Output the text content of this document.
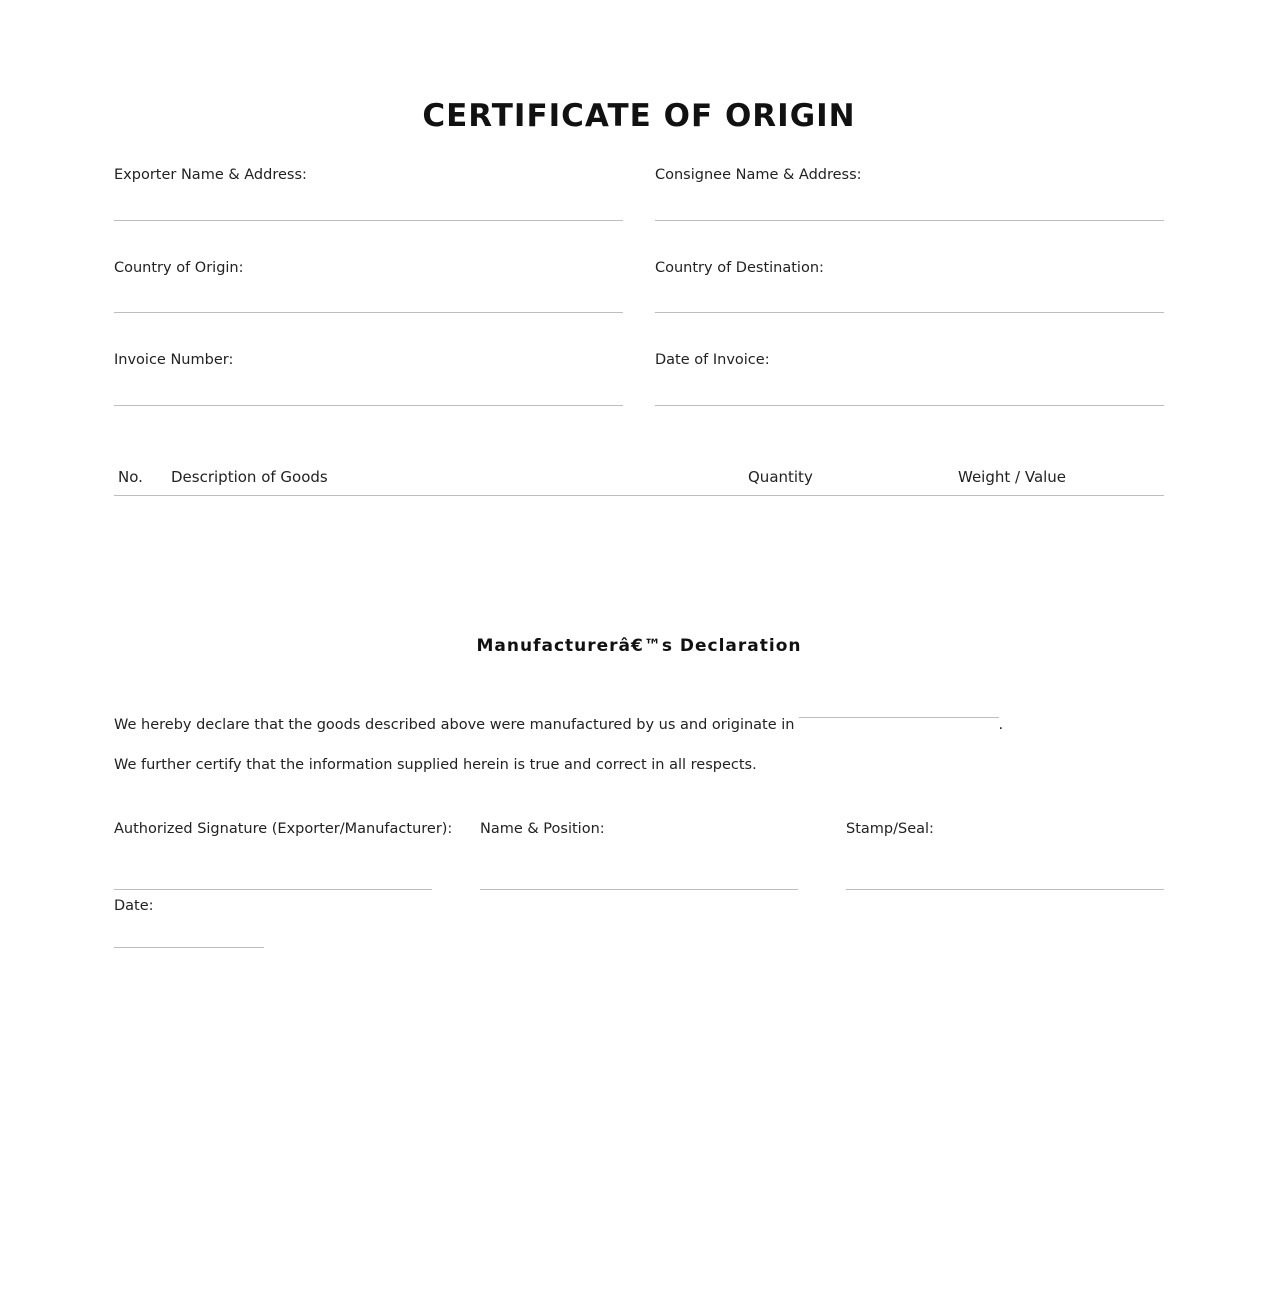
CERTIFICATE OF ORIGIN
Exporter Name & Address:	Consignee Name & Address:
Country of Origin:	Country of Destination:
Invoice Number:	Date of Invoice:
No. Description of Goods	Quantity	Weight / Value
Manufacturerâ€™s Declaration
We hereby declare that the goods described above were manufactured by us and originate in	.
We further certify that the information supplied herein is true and correct in all respects.
Authorized Signature (Exporter/Manufacturer): Name & Position:	Stamp/Seal:
Date:
